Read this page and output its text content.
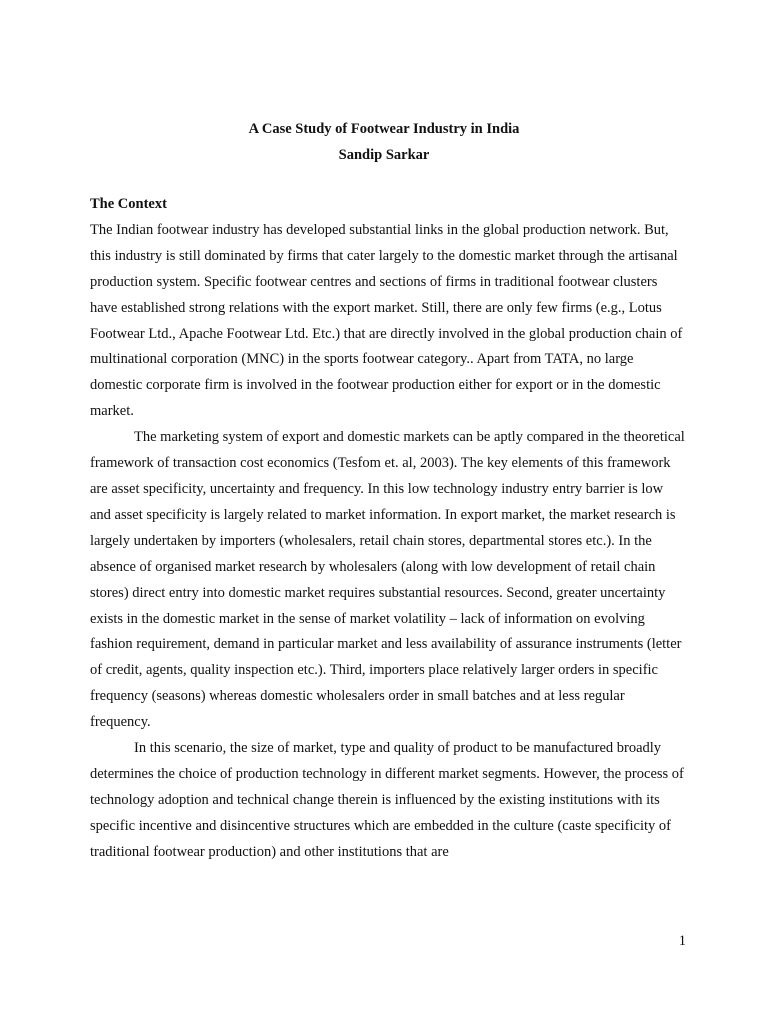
A Case Study of Footwear Industry in India
Sandip Sarkar

The Context

The Indian footwear industry has developed substantial links in the global production network. But, this industry is still dominated by firms that cater largely to the domestic market through the artisanal production system. Specific footwear centres and sections of firms in traditional footwear clusters have established strong relations with the export market. Still, there are only few firms (e.g., Lotus Footwear Ltd., Apache Footwear Ltd. Etc.) that are directly involved in the global production chain of multinational corporation (MNC) in the sports footwear category.. Apart from TATA, no large domestic corporate firm is involved in the footwear production either for export or in the domestic market.

The marketing system of export and domestic markets can be aptly compared in the theoretical framework of transaction cost economics (Tesfom et. al, 2003). The key elements of this framework are asset specificity, uncertainty and frequency. In this low technology industry entry barrier is low and asset specificity is largely related to market information. In export market, the market research is largely undertaken by importers (wholesalers, retail chain stores, departmental stores etc.). In the absence of organised market research by wholesalers (along with low development of retail chain stores) direct entry into domestic market requires substantial resources. Second, greater uncertainty exists in the domestic market in the sense of market volatility – lack of information on evolving fashion requirement, demand in particular market and less availability of assurance instruments (letter of credit, agents, quality inspection etc.). Third, importers place relatively larger orders in specific frequency (seasons) whereas domestic wholesalers order in small batches and at less regular frequency.

In this scenario, the size of market, type and quality of product to be manufactured broadly determines the choice of production technology in different market segments. However, the process of technology adoption and technical change therein is influenced by the existing institutions with its specific incentive and disincentive structures which are embedded in the culture (caste specificity of traditional footwear production) and other institutions that are

1
